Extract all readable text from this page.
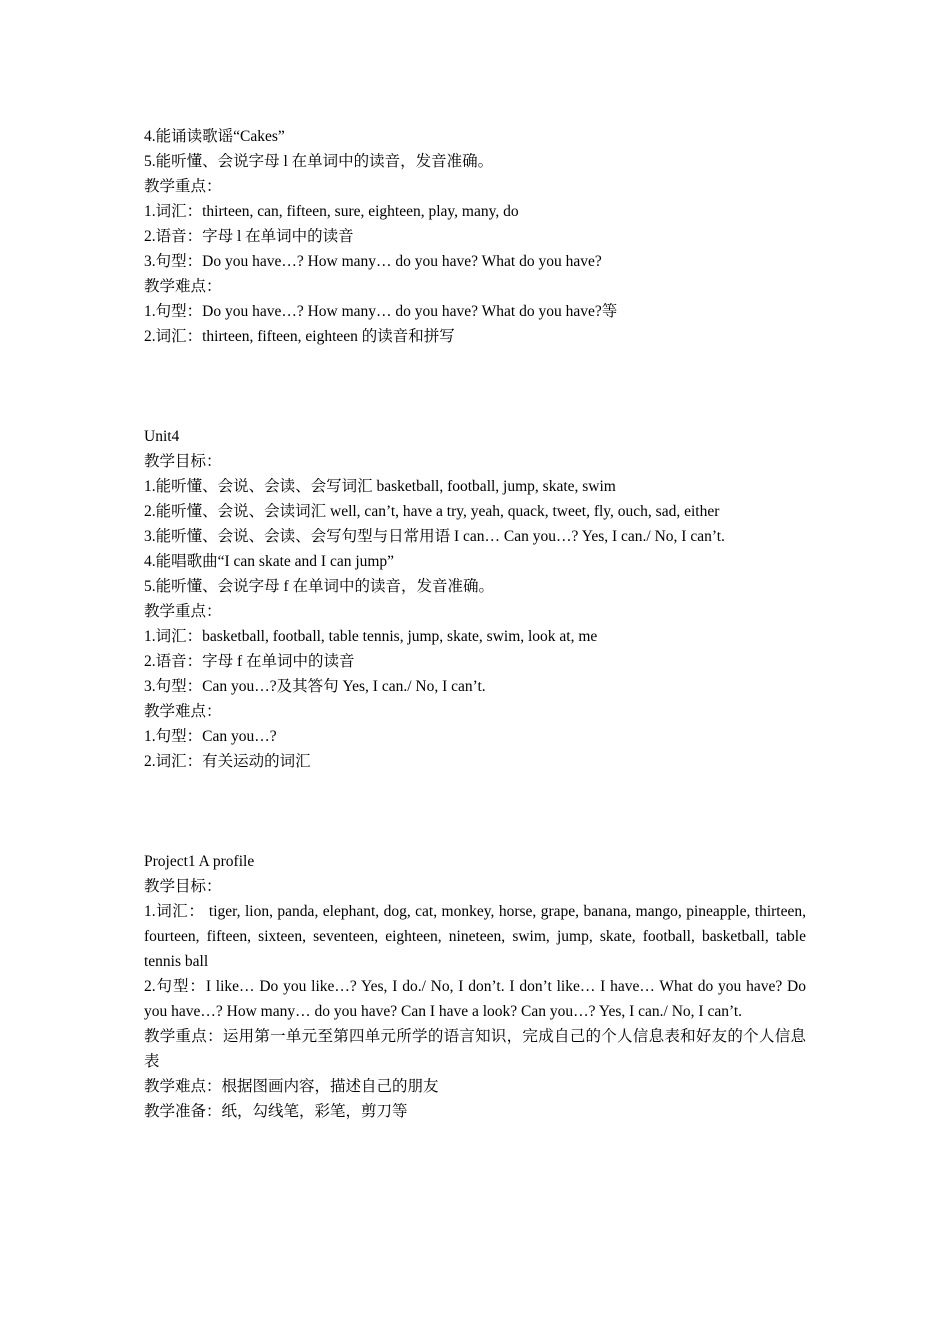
4.能诵读歌谣“Cakes”
5.能听懂、会说字母 l 在单词中的读音，发音准确。
教学重点：
1.词汇：thirteen, can, fifteen, sure, eighteen, play, many, do
2.语音：字母 l 在单词中的读音
3.句型：Do you have…? How many… do you have? What do you have?
教学难点：
1.句型：Do you have…? How many… do you have? What do you have?等
2.词汇：thirteen, fifteen, eighteen 的读音和拼写
Unit4
教学目标：
1.能听懂、会说、会读、会写词汇 basketball, football, jump, skate, swim
2.能听懂、会说、会读词汇 well, can’t, have a try, yeah, quack, tweet, fly, ouch, sad, either
3.能听懂、会说、会读、会写句型与日常用语 I can… Can you…? Yes, I can./ No, I can’t.
4.能唱歌曲“I can skate and I can jump”
5.能听懂、会说字母 f 在单词中的读音，发音准确。
教学重点：
1.词汇：basketball, football, table tennis, jump, skate, swim, look at, me
2.语音：字母 f 在单词中的读音
3.句型：Can you…?及其答句 Yes, I can./ No, I can’t.
教学难点：
1.句型：Can you…?
2.词汇：有关运动的词汇
Project1 A profile
教学目标：
1.词汇： tiger, lion, panda, elephant, dog, cat, monkey, horse, grape, banana, mango, pineapple, thirteen, fourteen, fifteen, sixteen, seventeen, eighteen, nineteen, swim, jump, skate, football, basketball, table tennis ball
2.句型：I like… Do you like…? Yes, I do./ No, I don’t. I don’t like… I have… What do you have? Do you have…? How many… do you have? Can I have a look? Can you…? Yes, I can./ No, I can’t.
教学重点：运用第一单元至第四单元所学的语言知识，完成自己的个人信息表和好友的个人信息表
教学难点：根据图画内容，描述自己的朋友
教学准备：纸，勾线笔，彩笔，剪刀等
